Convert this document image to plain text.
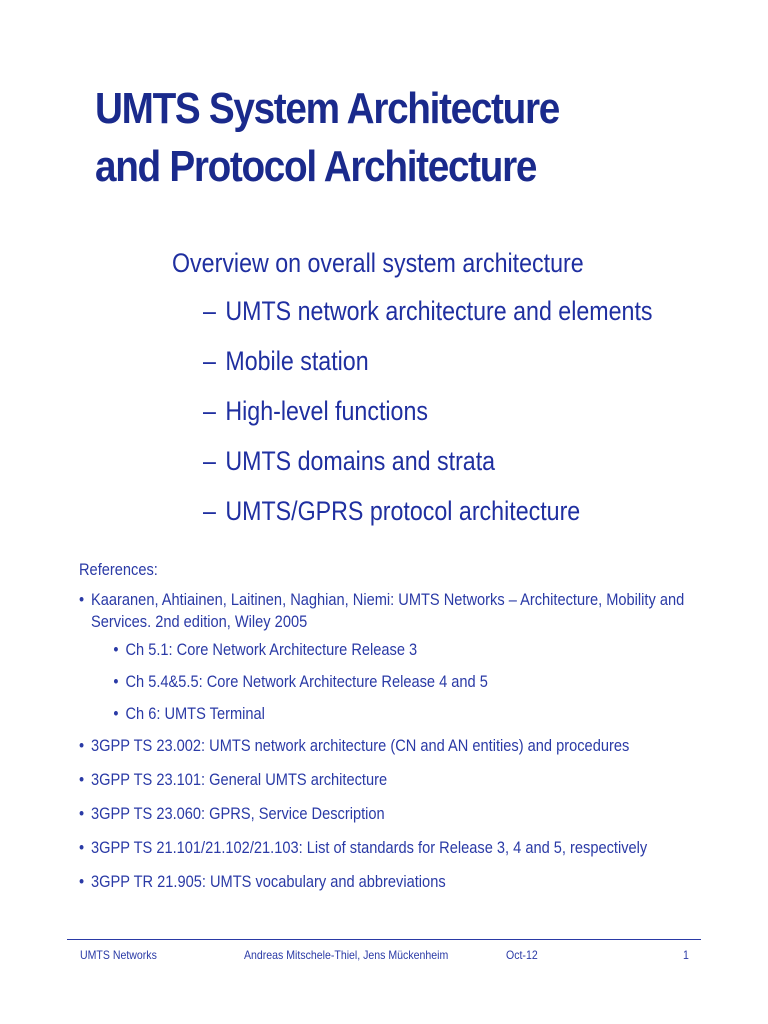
UMTS System Architecture
and Protocol Architecture
Overview on overall system architecture
– UMTS network architecture and elements
– Mobile station
– High-level functions
– UMTS domains and strata
– UMTS/GPRS protocol architecture
References:
• Kaaranen, Ahtiainen, Laitinen, Naghian, Niemi: UMTS Networks – Architecture, Mobility and
Services. 2nd edition, Wiley 2005
• Ch 5.1: Core Network Architecture Release 3
• Ch 5.4&5.5: Core Network Architecture Release 4 and 5
• Ch 6: UMTS Terminal
• 3GPP TS 23.002: UMTS network architecture (CN and AN entities) and procedures
• 3GPP TS 23.101: General UMTS architecture
• 3GPP TS 23.060: GPRS, Service Description
• 3GPP TS 21.101/21.102/21.103: List of standards for Release 3, 4 and 5, respectively
• 3GPP TR 21.905: UMTS vocabulary and abbreviations
UMTS Networks	Andreas Mitschele-Thiel, Jens Mückenheim	Oct-12	1
